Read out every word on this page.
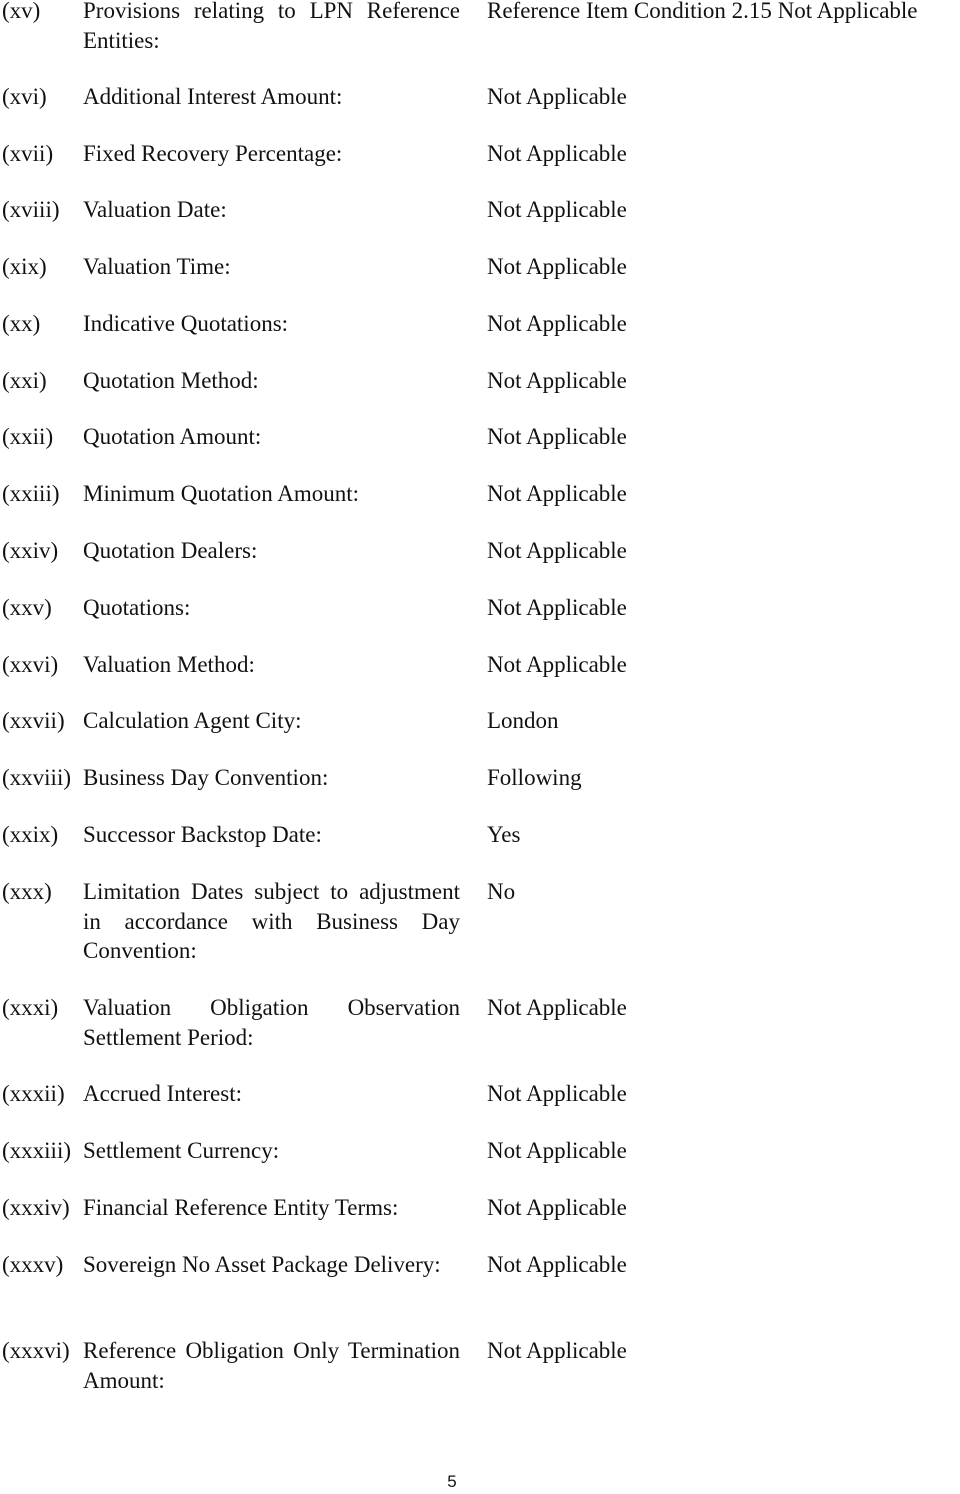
(xv) Provisions relating to LPN Reference Entities:
Reference Item Condition 2.15 Not Applicable
(xvi) Additional Interest Amount:	Not Applicable
(xvii) Fixed Recovery Percentage:	Not Applicable
(xviii) Valuation Date:	Not Applicable
(xix) Valuation Time:	Not Applicable
(xx) Indicative Quotations:	Not Applicable
(xxi) Quotation Method:	Not Applicable
(xxii) Quotation Amount:	Not Applicable
(xxiii) Minimum Quotation Amount:	Not Applicable
(xxiv) Quotation Dealers:	Not Applicable
(xxv) Quotations:	Not Applicable
(xxvi) Valuation Method:	Not Applicable
(xxvii) Calculation Agent City:	London
(xxviii) Business Day Convention:	Following
(xxix) Successor Backstop Date:	Yes
(xxx) Limitation Dates subject to adjustment in accordance with Business Day Convention:
No
(xxxi) Valuation Obligation Observation Settlement Period:
Not Applicable
(xxxii) Accrued Interest:	Not Applicable
(xxxiii) Settlement Currency:	Not Applicable
(xxxiv) Financial Reference Entity Terms:	Not Applicable
(xxxv) Sovereign No Asset Package Delivery:	Not Applicable
(xxxvi) Reference Obligation Only Termination Amount:
Not Applicable
5
